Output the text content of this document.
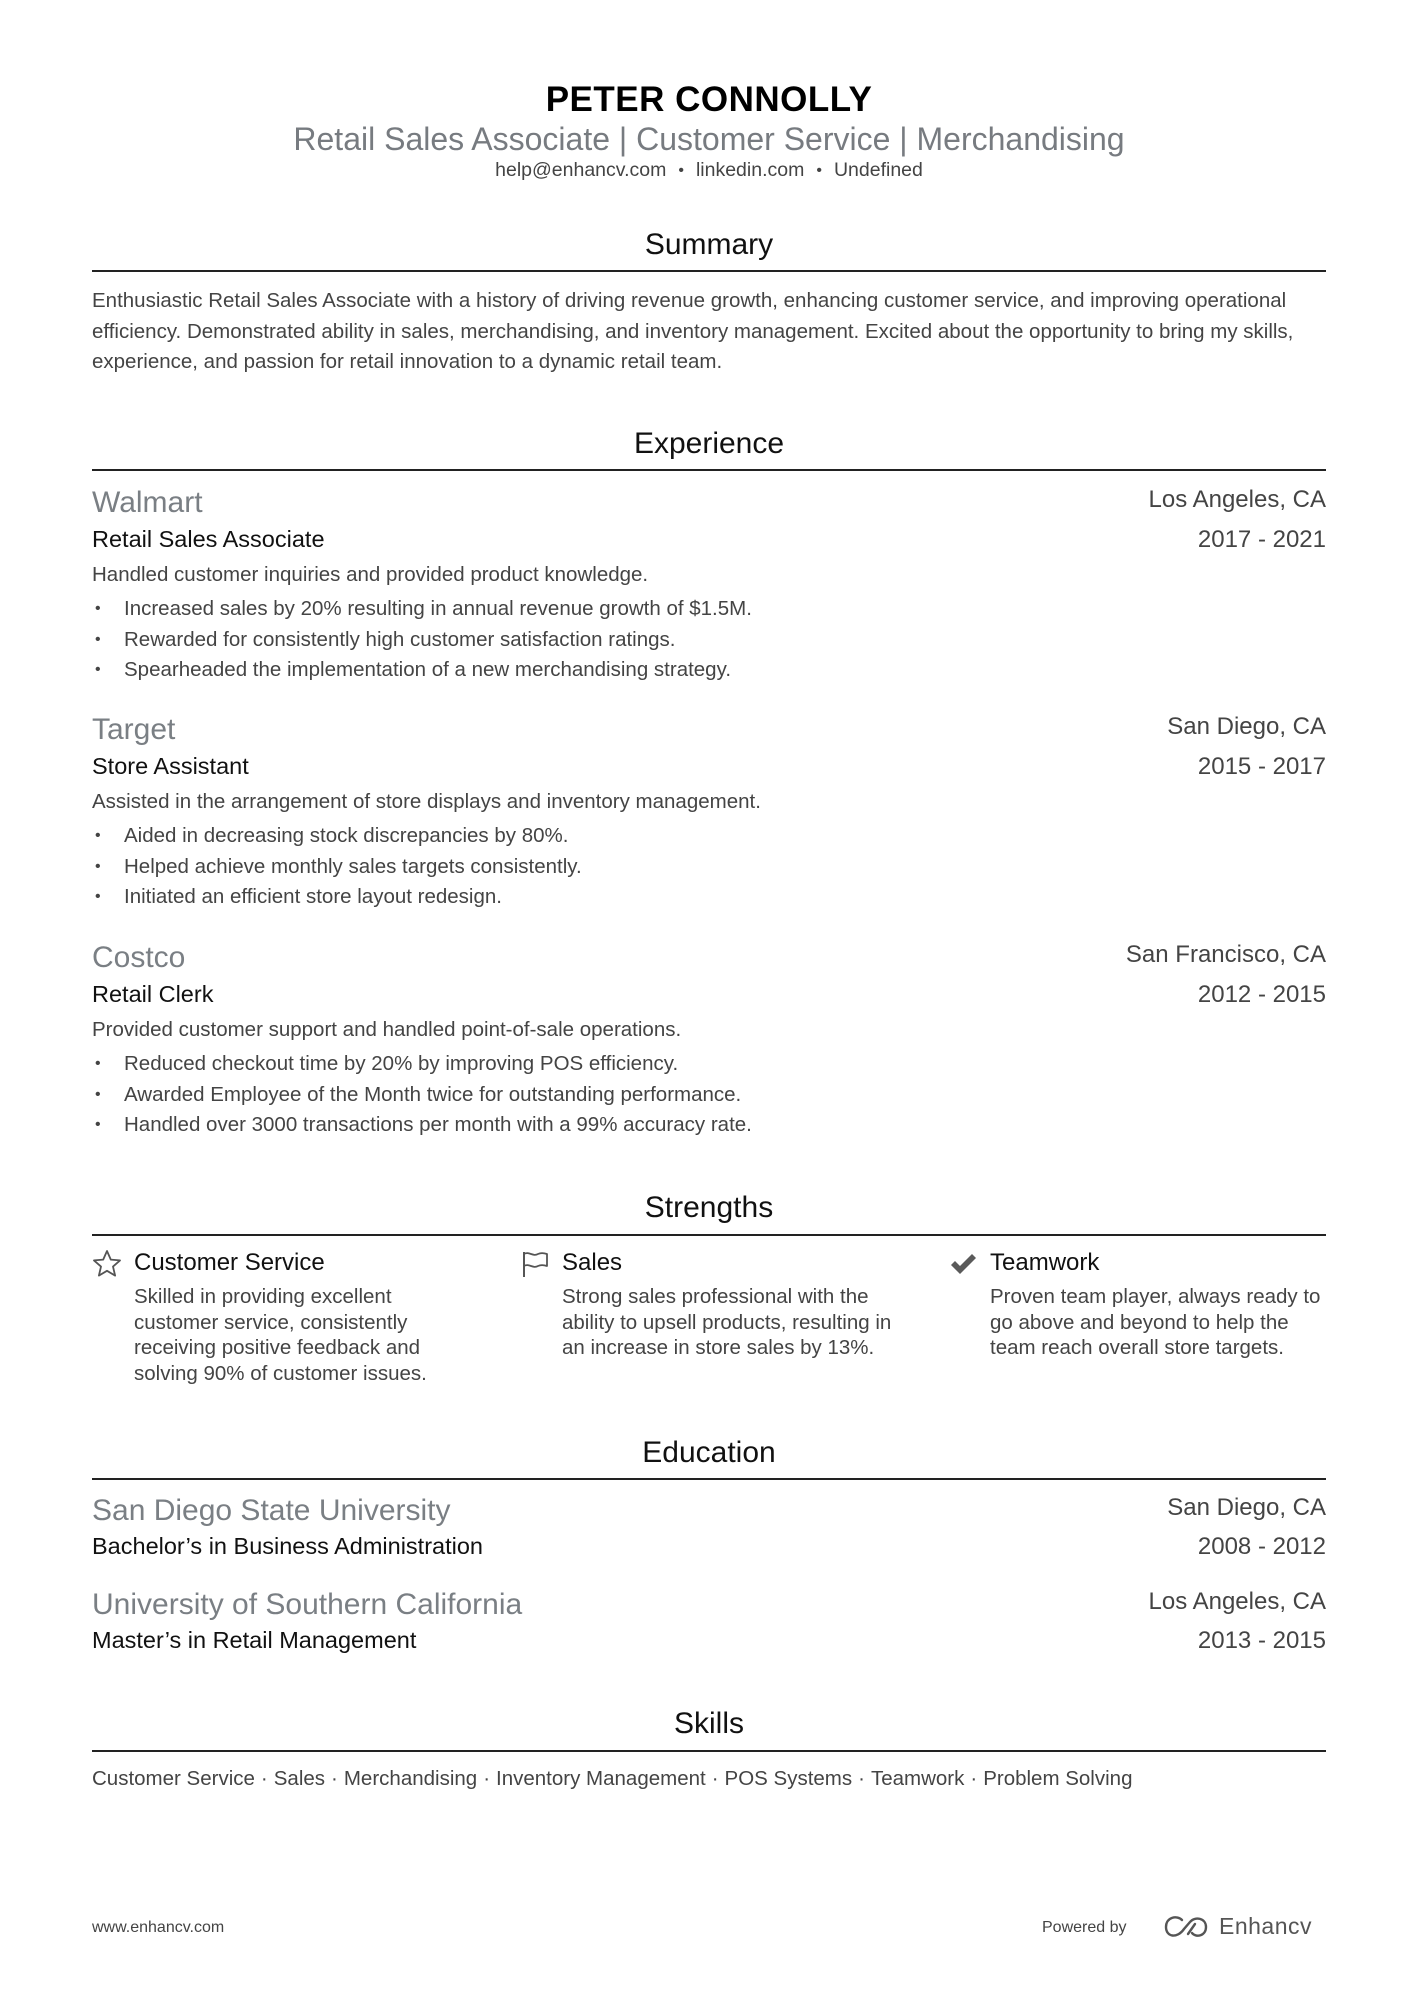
PETER CONNOLLY
Retail Sales Associate | Customer Service | Merchandising
help@enhancv.com • linkedin.com • Undefined
Summary
Enthusiastic Retail Sales Associate with a history of driving revenue growth, enhancing customer service, and improving operational efficiency. Demonstrated ability in sales, merchandising, and inventory management. Excited about the opportunity to bring my skills, experience, and passion for retail innovation to a dynamic retail team.
Experience
Walmart	Los Angeles, CA
Retail Sales Associate	2017 - 2021
Handled customer inquiries and provided product knowledge.
• Increased sales by 20% resulting in annual revenue growth of $1.5M.
• Rewarded for consistently high customer satisfaction ratings.
• Spearheaded the implementation of a new merchandising strategy.
Target	San Diego, CA
Store Assistant	2015 - 2017
Assisted in the arrangement of store displays and inventory management.
• Aided in decreasing stock discrepancies by 80%.
• Helped achieve monthly sales targets consistently.
• Initiated an efficient store layout redesign.
Costco	San Francisco, CA
Retail Clerk	2012 - 2015
Provided customer support and handled point-of-sale operations.
• Reduced checkout time by 20% by improving POS efficiency.
• Awarded Employee of the Month twice for outstanding performance.
• Handled over 3000 transactions per month with a 99% accuracy rate.
Strengths
Customer Service
Skilled in providing excellent customer service, consistently receiving positive feedback and solving 90% of customer issues.
Sales
Strong sales professional with the ability to upsell products, resulting in an increase in store sales by 13%.
Teamwork
Proven team player, always ready to go above and beyond to help the team reach overall store targets.
Education
San Diego State University	San Diego, CA
Bachelor’s in Business Administration	2008 - 2012
University of Southern California	Los Angeles, CA
Master’s in Retail Management	2013 - 2015
Skills
Customer Service · Sales · Merchandising · Inventory Management · POS Systems · Teamwork · Problem Solving
www.enhancv.com	Powered by	Enhancv
